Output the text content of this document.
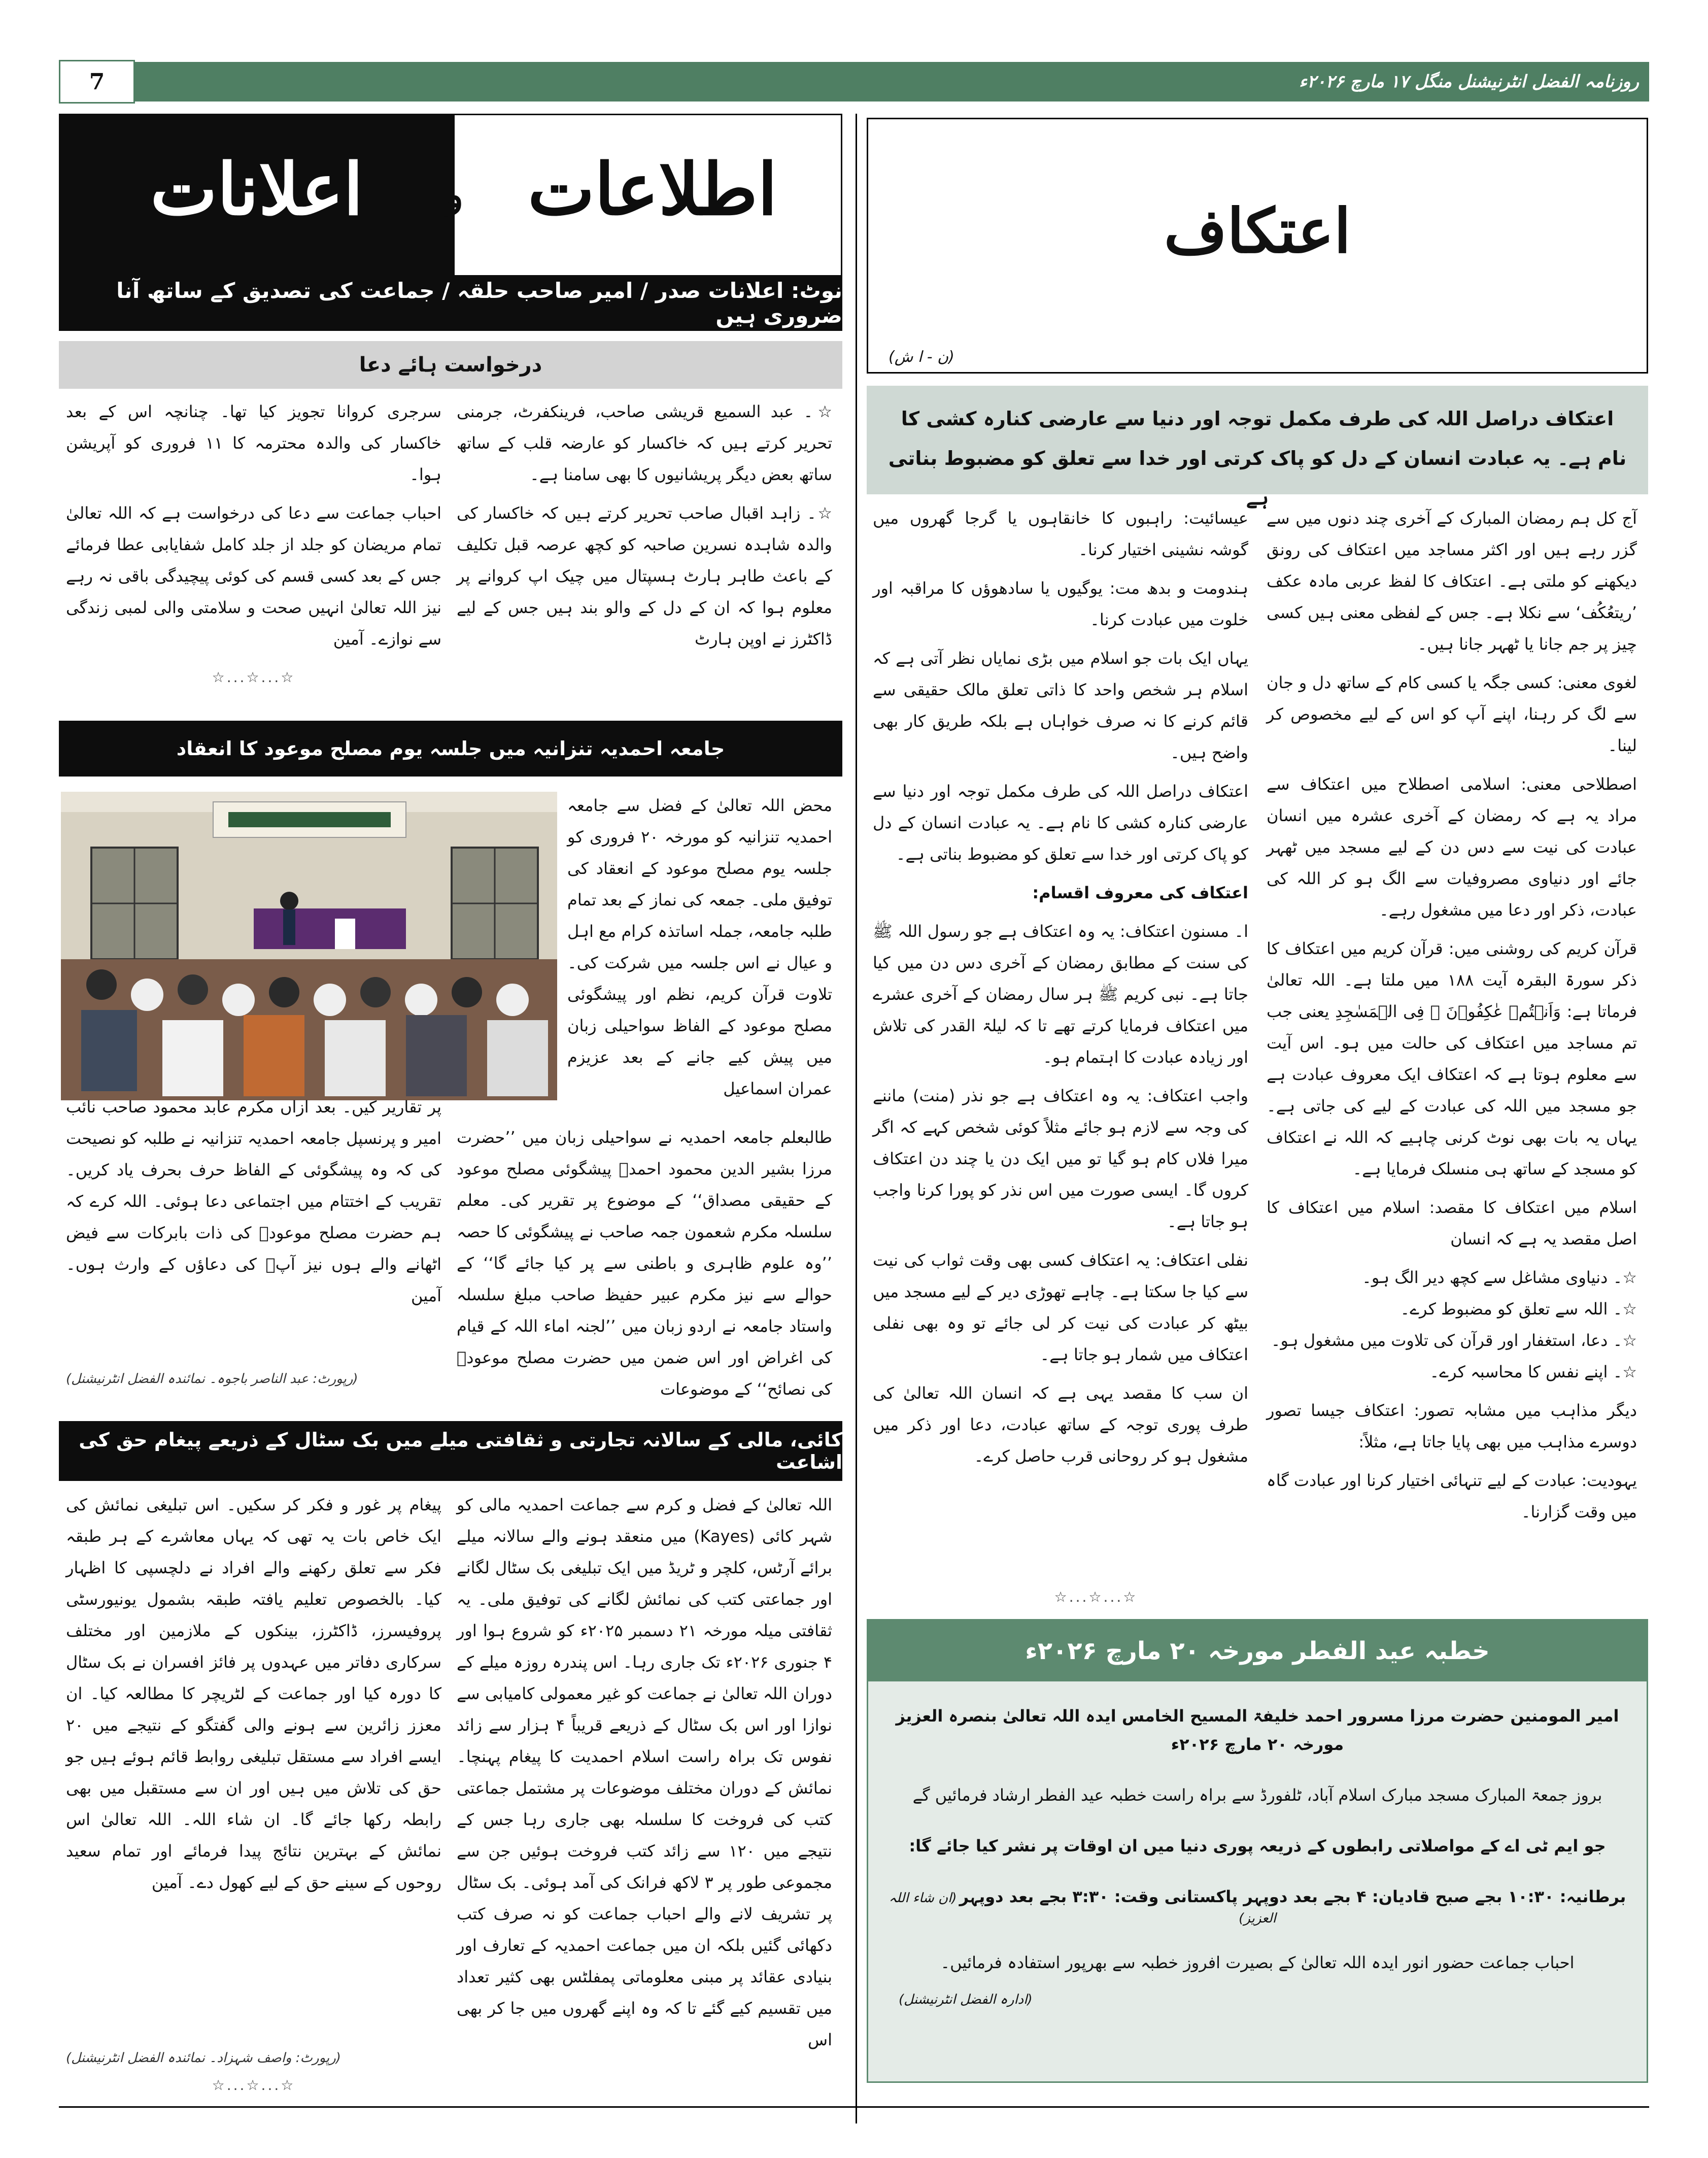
7	روزنامہ الفضل انٹرنیشنل منگل ۱۷ مارچ ۲۰۲۶ء
اعتکاف
(ن - ا ش)
اعتکاف دراصل اللہ کی طرف مکمل توجہ اور دنیا سے عارضی کنارہ کشی کا نام ہے۔ یہ عبادت انسان کے دل کو پاک کرتی اور خدا سے تعلق کو مضبوط بناتی ہے

آج کل ہم رمضان المبارک کے آخری چند دنوں میں سے گزر رہے ہیں اور اکثر مساجد میں اعتکاف کی رونق دیکھنے کو ملتی ہے۔ اعتکاف کا لفظ عربی مادہ عکف ’ریتعُکُف‘ سے نکلا ہے۔ جس کے لفظی معنی ہیں کسی چیز پر جم جانا یا ٹھہر جانا ہیں۔

لغوی معنی: کسی جگہ یا کسی کام کے ساتھ دل و جان سے لگ کر رہنا، اپنے آپ کو اس کے لیے مخصوص کر لینا۔

اصطلاحی معنی: اسلامی اصطلاح میں اعتکاف سے مراد یہ ہے کہ رمضان کے آخری عشرہ میں انسان عبادت کی نیت سے دس دن کے لیے مسجد میں ٹھہر جائے اور دنیاوی مصروفیات سے الگ ہو کر اللہ کی عبادت، ذکر اور دعا میں مشغول رہے۔

قرآن کریم کی روشنی میں: قرآن کریم میں اعتکاف کا ذکر سورۃ البقرہ آیت ۱۸۸ میں ملتا ہے۔ اللہ تعالیٰ فرماتا ہے: وَاَنۡتُمۡ عٰکِفُوۡنَ ۙ فِی الۡمَسٰجِدِ یعنی جب تم مساجد میں اعتکاف کی حالت میں ہو۔ اس آیت سے معلوم ہوتا ہے کہ اعتکاف ایک معروف عبادت ہے جو مسجد میں اللہ کی عبادت کے لیے کی جاتی ہے۔ یہاں یہ بات بھی نوٹ کرنی چاہیے کہ اللہ نے اعتکاف کو مسجد کے ساتھ ہی منسلک فرمایا ہے۔

اسلام میں اعتکاف کا مقصد: اسلام میں اعتکاف کا اصل مقصد یہ ہے کہ انسان

☆۔ دنیاوی مشاغل سے کچھ دیر الگ ہو۔

☆۔ اللہ سے تعلق کو مضبوط کرے۔

☆۔ دعا، استغفار اور قرآن کی تلاوت میں مشغول ہو۔

☆۔ اپنے نفس کا محاسبہ کرے۔

دیگر مذاہب میں مشابہ تصور: اعتکاف جیسا تصور دوسرے مذاہب میں بھی پایا جاتا ہے، مثلاً:

یہودیت: عبادت کے لیے تنہائی اختیار کرنا اور عبادت گاہ میں وقت گزارنا۔

عیسائیت: راہبوں کا خانقاہوں یا گرجا گھروں میں گوشہ نشینی اختیار کرنا۔

ہندومت و بدھ مت: یوگیوں یا سادھوؤں کا مراقبہ اور خلوت میں عبادت کرنا۔

یہاں ایک بات جو اسلام میں بڑی نمایاں نظر آتی ہے کہ اسلام ہر شخص واحد کا ذاتی تعلق مالک حقیقی سے قائم کرنے کا نہ صرف خواہاں ہے بلکہ طریق کار بھی واضح ہیں۔

اعتکاف دراصل اللہ کی طرف مکمل توجہ اور دنیا سے عارضی کنارہ کشی کا نام ہے۔ یہ عبادت انسان کے دل کو پاک کرتی اور خدا سے تعلق کو مضبوط بناتی ہے۔

اعتکاف کی معروف اقسام:

ا۔ مسنون اعتکاف: یہ وہ اعتکاف ہے جو رسول اللہ ﷺ کی سنت کے مطابق رمضان کے آخری دس دن میں کیا جاتا ہے۔ نبی کریم ﷺ ہر سال رمضان کے آخری عشرے میں اعتکاف فرمایا کرتے تھے تا کہ لیلۃ القدر کی تلاش اور زیادہ عبادت کا اہتمام ہو۔

واجب اعتکاف: یہ وہ اعتکاف ہے جو نذر (منت) ماننے کی وجہ سے لازم ہو جائے مثلاً کوئی شخص کہے کہ اگر میرا فلاں کام ہو گیا تو میں ایک دن یا چند دن اعتکاف کروں گا۔ ایسی صورت میں اس نذر کو پورا کرنا واجب ہو جاتا ہے۔

نفلی اعتکاف: یہ اعتکاف کسی بھی وقت ثواب کی نیت سے کیا جا سکتا ہے۔ چاہے تھوڑی دیر کے لیے مسجد میں بیٹھ کر عبادت کی نیت کر لی جائے تو وہ بھی نفلی اعتکاف میں شمار ہو جاتا ہے۔

ان سب کا مقصد یہی ہے کہ انسان اللہ تعالیٰ کی طرف پوری توجہ کے ساتھ عبادت، دعا اور ذکر میں مشغول ہو کر روحانی قرب حاصل کرے۔

☆...☆...☆
خطبہ عید الفطر مورخہ ۲۰ مارچ ۲۰۲۶ء
امیر المومنین حضرت مرزا مسرور احمد خلیفۃ المسیح الخامس ایدہ اللہ تعالیٰ بنصرہ العزیز مورخہ ۲۰ مارچ ۲۰۲۶ء
بروز جمعۃ المبارک مسجد مبارک اسلام آباد، ٹلفورڈ سے براہ راست خطبہ عید الفطر ارشاد فرمائیں گے
جو ایم ٹی اے کے مواصلاتی رابطوں کے ذریعہ پوری دنیا میں ان اوقات پر نشر کیا جائے گا:
برطانیہ: ۱۰:۳۰ بجے صبح قادیان: ۴ بجے بعد دوپہر پاکستانی وقت: ۳:۳۰ بجے بعد دوپہر (ان شاء اللہ العزیز)
احباب جماعت حضور انور ایدہ اللہ تعالیٰ کے بصیرت افروز خطبہ سے بھرپور استفادہ فرمائیں۔
(ادارہ الفضل انٹرنیشنل)
اعلانات	و اطلاعات
نوٹ: اعلانات صدر / امیر صاحب حلقہ / جماعت کی تصدیق کے ساتھ آنا ضروری ہیں
درخواست ہائے دعا

☆۔ عبد السمیع قریشی صاحب، فرینکفرٹ، جرمنی تحریر کرتے ہیں کہ خاکسار کو عارضہ قلب کے ساتھ ساتھ بعض دیگر پریشانیوں کا بھی سامنا ہے۔

☆۔ زاہد اقبال صاحب تحریر کرتے ہیں کہ خاکسار کی والدہ شاہدہ نسرین صاحبہ کو کچھ عرصہ قبل تکلیف کے باعث طاہر ہارٹ ہسپتال میں چیک اپ کروانے پر معلوم ہوا کہ ان کے دل کے والو بند ہیں جس کے لیے ڈاکٹرز نے اوپن ہارٹ

سرجری کروانا تجویز کیا تھا۔ چنانچہ اس کے بعد خاکسار کی والدہ محترمہ کا ۱۱ فروری کو آپریشن ہوا۔

احباب جماعت سے دعا کی درخواست ہے کہ اللہ تعالیٰ تمام مریضان کو جلد از جلد کامل شفایابی عطا فرمائے جس کے بعد کسی قسم کی کوئی پیچیدگی باقی نہ رہے نیز اللہ تعالیٰ انہیں صحت و سلامتی والی لمبی زندگی سے نوازے۔ آمین

☆...☆...☆
جامعہ احمدیہ تنزانیہ میں جلسہ یوم مصلح موعود کا انعقاد

محض اللہ تعالیٰ کے فضل سے جامعہ احمدیہ تنزانیہ کو مورخہ ۲۰ فروری کو جلسہ یوم مصلح موعود کے انعقاد کی توفیق ملی۔ جمعہ کی نماز کے بعد تمام طلبہ جامعہ، جملہ اساتذہ کرام مع اہل و عیال نے اس جلسہ میں شرکت کی۔ تلاوت قرآن کریم، نظم اور پیشگوئی مصلح موعود کے الفاظ سواحیلی زبان میں پیش کیے جانے کے بعد عزیزم عمران اسماعیل

طالبعلم جامعہ احمدیہ نے سواحیلی زبان میں ’’حضرت مرزا بشیر الدین محمود احمدؓ پیشگوئی مصلح موعود کے حقیقی مصداق‘‘ کے موضوع پر تقریر کی۔ معلم سلسلہ مکرم شعمون جمہ صاحب نے پیشگوئی کا حصہ ’’وہ علوم ظاہری و باطنی سے پر کیا جائے گا‘‘ کے حوالے سے نیز مکرم عبیر حفیظ صاحب مبلغ سلسلہ واستاد جامعہ نے اردو زبان میں ’’لجنہ اماء اللہ کے قیام کی اغراض اور اس ضمن میں حضرت مصلح موعودؓ کی نصائح‘‘ کے موضوعات

پر تقاریر کیں۔ بعد ازاں مکرم عابد محمود صاحب نائب امیر و پرنسپل جامعہ احمدیہ تنزانیہ نے طلبہ کو نصیحت کی کہ وہ پیشگوئی کے الفاظ حرف بحرف یاد کریں۔ تقریب کے اختتام میں اجتماعی دعا ہوئی۔ اللہ کرے کہ ہم حضرت مصلح موعودؓ کی ذات بابرکات سے فیض اٹھانے والے ہوں نیز آپؓ کی دعاؤں کے وارث ہوں۔ آمین

(رپورٹ: عبد الناصر باجوہ۔ نمائندہ الفضل انٹرنیشنل)
کائی، مالی کے سالانہ تجارتی و ثقافتی میلے میں بک سٹال کے ذریعے پیغام حق کی اشاعت

اللہ تعالیٰ کے فضل و کرم سے جماعت احمدیہ مالی کو شہر کائی (Kayes) میں منعقد ہونے والے سالانہ میلے برائے آرٹس، کلچر و ٹریڈ میں ایک تبلیغی بک سٹال لگانے اور جماعتی کتب کی نمائش لگانے کی توفیق ملی۔ یہ ثقافتی میلہ مورخہ ۲۱ دسمبر ۲۰۲۵ء کو شروع ہوا اور ۴ جنوری ۲۰۲۶ء تک جاری رہا۔ اس پندرہ روزہ میلے کے دوران اللہ تعالیٰ نے جماعت کو غیر معمولی کامیابی سے نوازا اور اس بک سٹال کے ذریعے قریباً ۴ ہزار سے زائد نفوس تک براہ راست اسلام احمدیت کا پیغام پہنچا۔ نمائش کے دوران مختلف موضوعات پر مشتمل جماعتی کتب کی فروخت کا سلسلہ بھی جاری رہا جس کے نتیجے میں ۱۲۰ سے زائد کتب فروخت ہوئیں جن سے مجموعی طور پر ۳ لاکھ فرانک کی آمد ہوئی۔ بک سٹال پر تشریف لانے والے احباب جماعت کو نہ صرف کتب دکھائی گئیں بلکہ ان میں جماعت احمدیہ کے تعارف اور بنیادی عقائد پر مبنی معلوماتی پمفلٹس بھی کثیر تعداد میں تقسیم کیے گئے تا کہ وہ اپنے گھروں میں جا کر بھی اس

پیغام پر غور و فکر کر سکیں۔ اس تبلیغی نمائش کی ایک خاص بات یہ تھی کہ یہاں معاشرے کے ہر طبقہ فکر سے تعلق رکھنے والے افراد نے دلچسپی کا اظہار کیا۔ بالخصوص تعلیم یافتہ طبقہ بشمول یونیورسٹی پروفیسرز، ڈاکٹرز، بینکوں کے ملازمین اور مختلف سرکاری دفاتر میں عہدوں پر فائز افسران نے بک سٹال کا دورہ کیا اور جماعت کے لٹریچر کا مطالعہ کیا۔ ان معزز زائرین سے ہونے والی گفتگو کے نتیجے میں ۲۰ ایسے افراد سے مستقل تبلیغی روابط قائم ہوئے ہیں جو حق کی تلاش میں ہیں اور ان سے مستقبل میں بھی رابطہ رکھا جائے گا۔ ان شاء اللہ۔ اللہ تعالیٰ اس نمائش کے بہترین نتائج پیدا فرمائے اور تمام سعید روحوں کے سینے حق کے لیے کھول دے۔ آمین

(رپورٹ: واصف شہزاد۔ نمائندہ الفضل انٹرنیشنل)
☆...☆...☆
